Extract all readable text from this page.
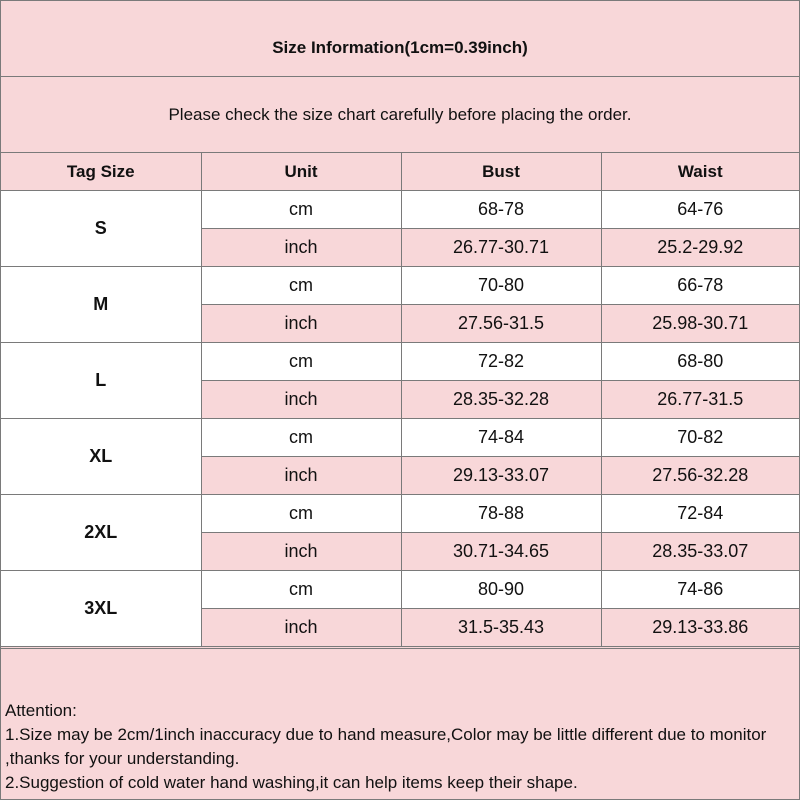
Size Information(1cm=0.39inch)
Please check the size chart carefully before placing the order.
Tag Size	Unit	Bust	Waist
S	cm	68-78	64-76
	inch	26.77-30.71	25.2-29.92
M	cm	70-80	66-78
	inch	27.56-31.5	25.98-30.71
L	cm	72-82	68-80
	inch	28.35-32.28	26.77-31.5
XL	cm	74-84	70-82
	inch	29.13-33.07	27.56-32.28
2XL	cm	78-88	72-84
	inch	30.71-34.65	28.35-33.07
3XL	cm	80-90	74-86
	inch	31.5-35.43	29.13-33.86
Attention:
1.Size may be 2cm/1inch inaccuracy due to hand measure,Color may be little different due to monitor
,thanks for your understanding.
2.Suggestion of cold water hand washing,it can help items keep their shape.
